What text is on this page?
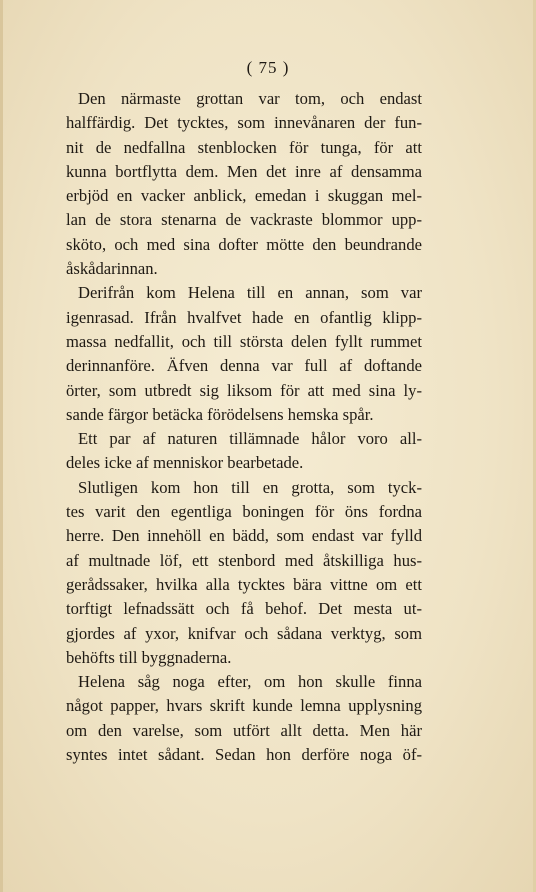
( 75 )
Den närmaste grottan var tom, och endast
halffärdig. Det tycktes, som innevånaren der fun-
nit de nedfallna stenblocken för tunga, för att
kunna bortflytta dem. Men det inre af densamma
erbjöd en vacker anblick, emedan i skuggan mel-
lan de stora stenarna de vackraste blommor upp-
sköto, och med sina dofter mötte den beundrande
åskådarinnan.
Derifrån kom Helena till en annan, som var
igenrasad. Ifrån hvalfvet hade en ofantlig klipp-
massa nedfallit, och till största delen fyllt rummet
derinnanföre. Äfven denna var full af doftande
örter, som utbredt sig liksom för att med sina ly-
sande färgor betäcka förödelsens hemska spår.
Ett par af naturen tillämnade hålor voro all-
deles icke af menniskor bearbetade.
Slutligen kom hon till en grotta, som tyck-
tes varit den egentliga boningen för öns fordna
herre. Den innehöll en bädd, som endast var fylld
af multnade löf, ett stenbord med åtskilliga hus-
gerådssaker, hvilka alla tycktes bära vittne om ett
torftigt lefnadssätt och få behof. Det mesta ut-
gjordes af yxor, knifvar och sådana verktyg, som
behöfts till byggnaderna.
Helena såg noga efter, om hon skulle finna
något papper, hvars skrift kunde lemna upplysning
om den varelse, som utfört allt detta. Men här
syntes intet sådant. Sedan hon derföre noga öf-
